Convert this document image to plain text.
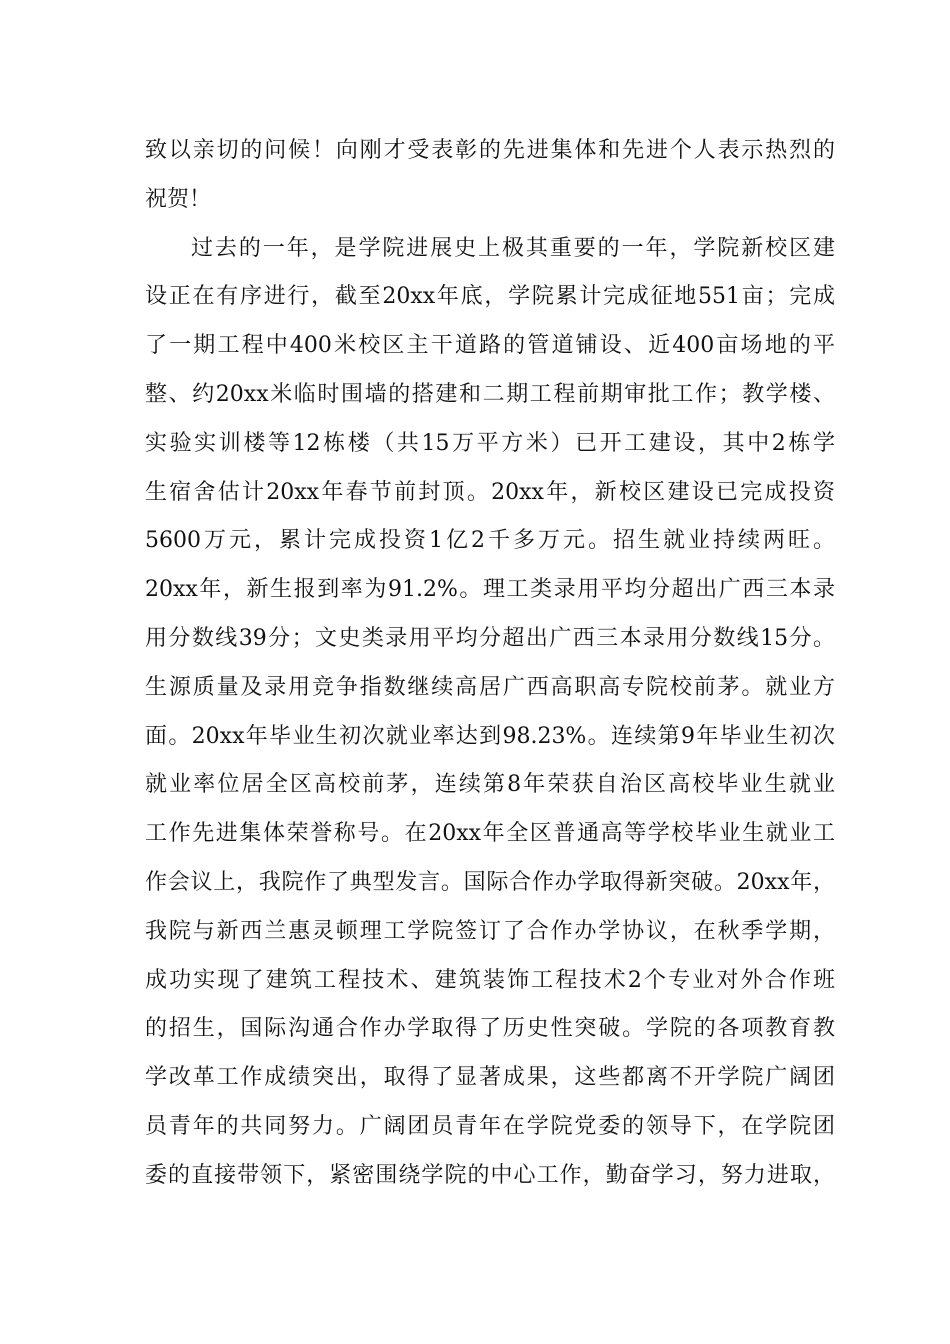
致以亲切的问候！向刚才受表彰的先进集体和先进个人表示热烈的
祝贺！
过去的一年，是学院进展史上极其重要的一年，学院新校区建
设正在有序进行，截至20xx年底，学院累计完成征地551亩；完成
了一期工程中400米校区主干道路的管道铺设、近400亩场地的平
整、约20xx米临时围墙的搭建和二期工程前期审批工作；教学楼、
实验实训楼等12栋楼（共15万平方米）已开工建设，其中2栋学
生宿舍估计20xx年春节前封顶。20xx年，新校区建设已完成投资
5600万元，累计完成投资1亿2千多万元。招生就业持续两旺。
20xx年，新生报到率为91.2%。理工类录用平均分超出广西三本录
用分数线39分；文史类录用平均分超出广西三本录用分数线15分。
生源质量及录用竞争指数继续高居广西高职高专院校前茅。就业方
面。20xx年毕业生初次就业率达到98.23%。连续第9年毕业生初次
就业率位居全区高校前茅，连续第8年荣获自治区高校毕业生就业
工作先进集体荣誉称号。在20xx年全区普通高等学校毕业生就业工
作会议上，我院作了典型发言。国际合作办学取得新突破。20xx年，
我院与新西兰惠灵顿理工学院签订了合作办学协议，在秋季学期，
成功实现了建筑工程技术、建筑装饰工程技术2个专业对外合作班
的招生，国际沟通合作办学取得了历史性突破。学院的各项教育教
学改革工作成绩突出，取得了显著成果，这些都离不开学院广阔团
员青年的共同努力。广阔团员青年在学院党委的领导下，在学院团
委的直接带领下，紧密围绕学院的中心工作，勤奋学习，努力进取，
